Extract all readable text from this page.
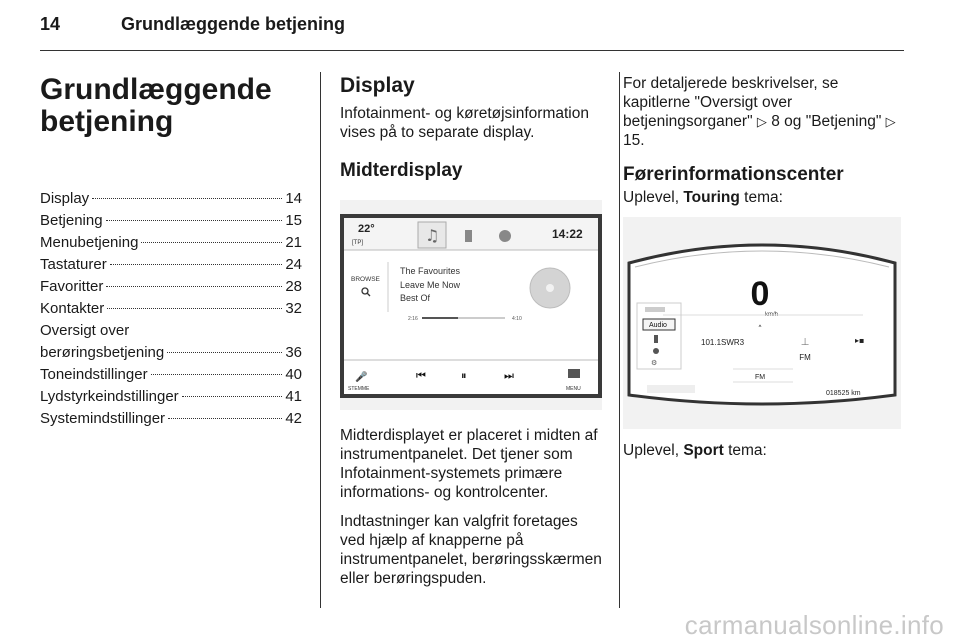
14	Grundlæggende betjening
Grundlæggende betjening
Display	14
Betjening	15
Menubetjening	21
Tastaturer	24
Favoritter	28
Kontakter	32
Oversigt over
berøringsbetjening	36
Toneindstillinger	40
Lydstyrkeindstillinger	41
Systemindstillinger	42
Display

Infotainment- og køretøjsinformation vises på to separate display.

Midterdisplay
22°
[TP]	♫	14:22
BROWSE
The Favourites
Leave Me Now
Best Of
2:16	4:10
🎤
STEMME
⏮	⏸	⏭
MENU

Midterdisplayet er placeret i midten af instrumentpanelet. Det tjener som Infotainment-systemets primære informations- og kontrolcenter.

Indtastninger kan valgfrit foretages ved hjælp af knapperne på instrumentpanelet, berøringsskærmen eller berøringspuden.

For detaljerede beskrivelser, se kapitlerne "Oversigt over betjeningsorganer" ▷ 8 og "Betjening" ▷ 15.

Førerinformationscenter

Uplevel, Touring tema:

0
km/h
˄
Audio
⚙
101.1SWR3	⊥
FM
▸▪
FM
018525 km

Uplevel, Sport tema:

carmanualsonline.info
